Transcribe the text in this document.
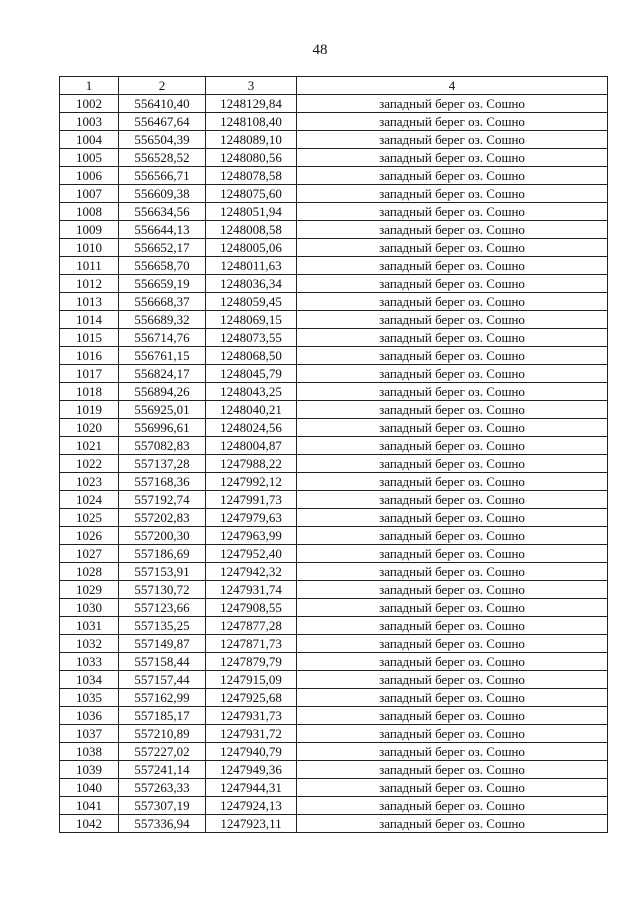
48
1	2	3	4
1002	556410,40	1248129,84	западный берег оз. Сошно
1003	556467,64	1248108,40	западный берег оз. Сошно
1004	556504,39	1248089,10	западный берег оз. Сошно
1005	556528,52	1248080,56	западный берег оз. Сошно
1006	556566,71	1248078,58	западный берег оз. Сошно
1007	556609,38	1248075,60	западный берег оз. Сошно
1008	556634,56	1248051,94	западный берег оз. Сошно
1009	556644,13	1248008,58	западный берег оз. Сошно
1010	556652,17	1248005,06	западный берег оз. Сошно
1011	556658,70	1248011,63	западный берег оз. Сошно
1012	556659,19	1248036,34	западный берег оз. Сошно
1013	556668,37	1248059,45	западный берег оз. Сошно
1014	556689,32	1248069,15	западный берег оз. Сошно
1015	556714,76	1248073,55	западный берег оз. Сошно
1016	556761,15	1248068,50	западный берег оз. Сошно
1017	556824,17	1248045,79	западный берег оз. Сошно
1018	556894,26	1248043,25	западный берег оз. Сошно
1019	556925,01	1248040,21	западный берег оз. Сошно
1020	556996,61	1248024,56	западный берег оз. Сошно
1021	557082,83	1248004,87	западный берег оз. Сошно
1022	557137,28	1247988,22	западный берег оз. Сошно
1023	557168,36	1247992,12	западный берег оз. Сошно
1024	557192,74	1247991,73	западный берег оз. Сошно
1025	557202,83	1247979,63	западный берег оз. Сошно
1026	557200,30	1247963,99	западный берег оз. Сошно
1027	557186,69	1247952,40	западный берег оз. Сошно
1028	557153,91	1247942,32	западный берег оз. Сошно
1029	557130,72	1247931,74	западный берег оз. Сошно
1030	557123,66	1247908,55	западный берег оз. Сошно
1031	557135,25	1247877,28	западный берег оз. Сошно
1032	557149,87	1247871,73	западный берег оз. Сошно
1033	557158,44	1247879,79	западный берег оз. Сошно
1034	557157,44	1247915,09	западный берег оз. Сошно
1035	557162,99	1247925,68	западный берег оз. Сошно
1036	557185,17	1247931,73	западный берег оз. Сошно
1037	557210,89	1247931,72	западный берег оз. Сошно
1038	557227,02	1247940,79	западный берег оз. Сошно
1039	557241,14	1247949,36	западный берег оз. Сошно
1040	557263,33	1247944,31	западный берег оз. Сошно
1041	557307,19	1247924,13	западный берег оз. Сошно
1042	557336,94	1247923,11	западный берег оз. Сошно
